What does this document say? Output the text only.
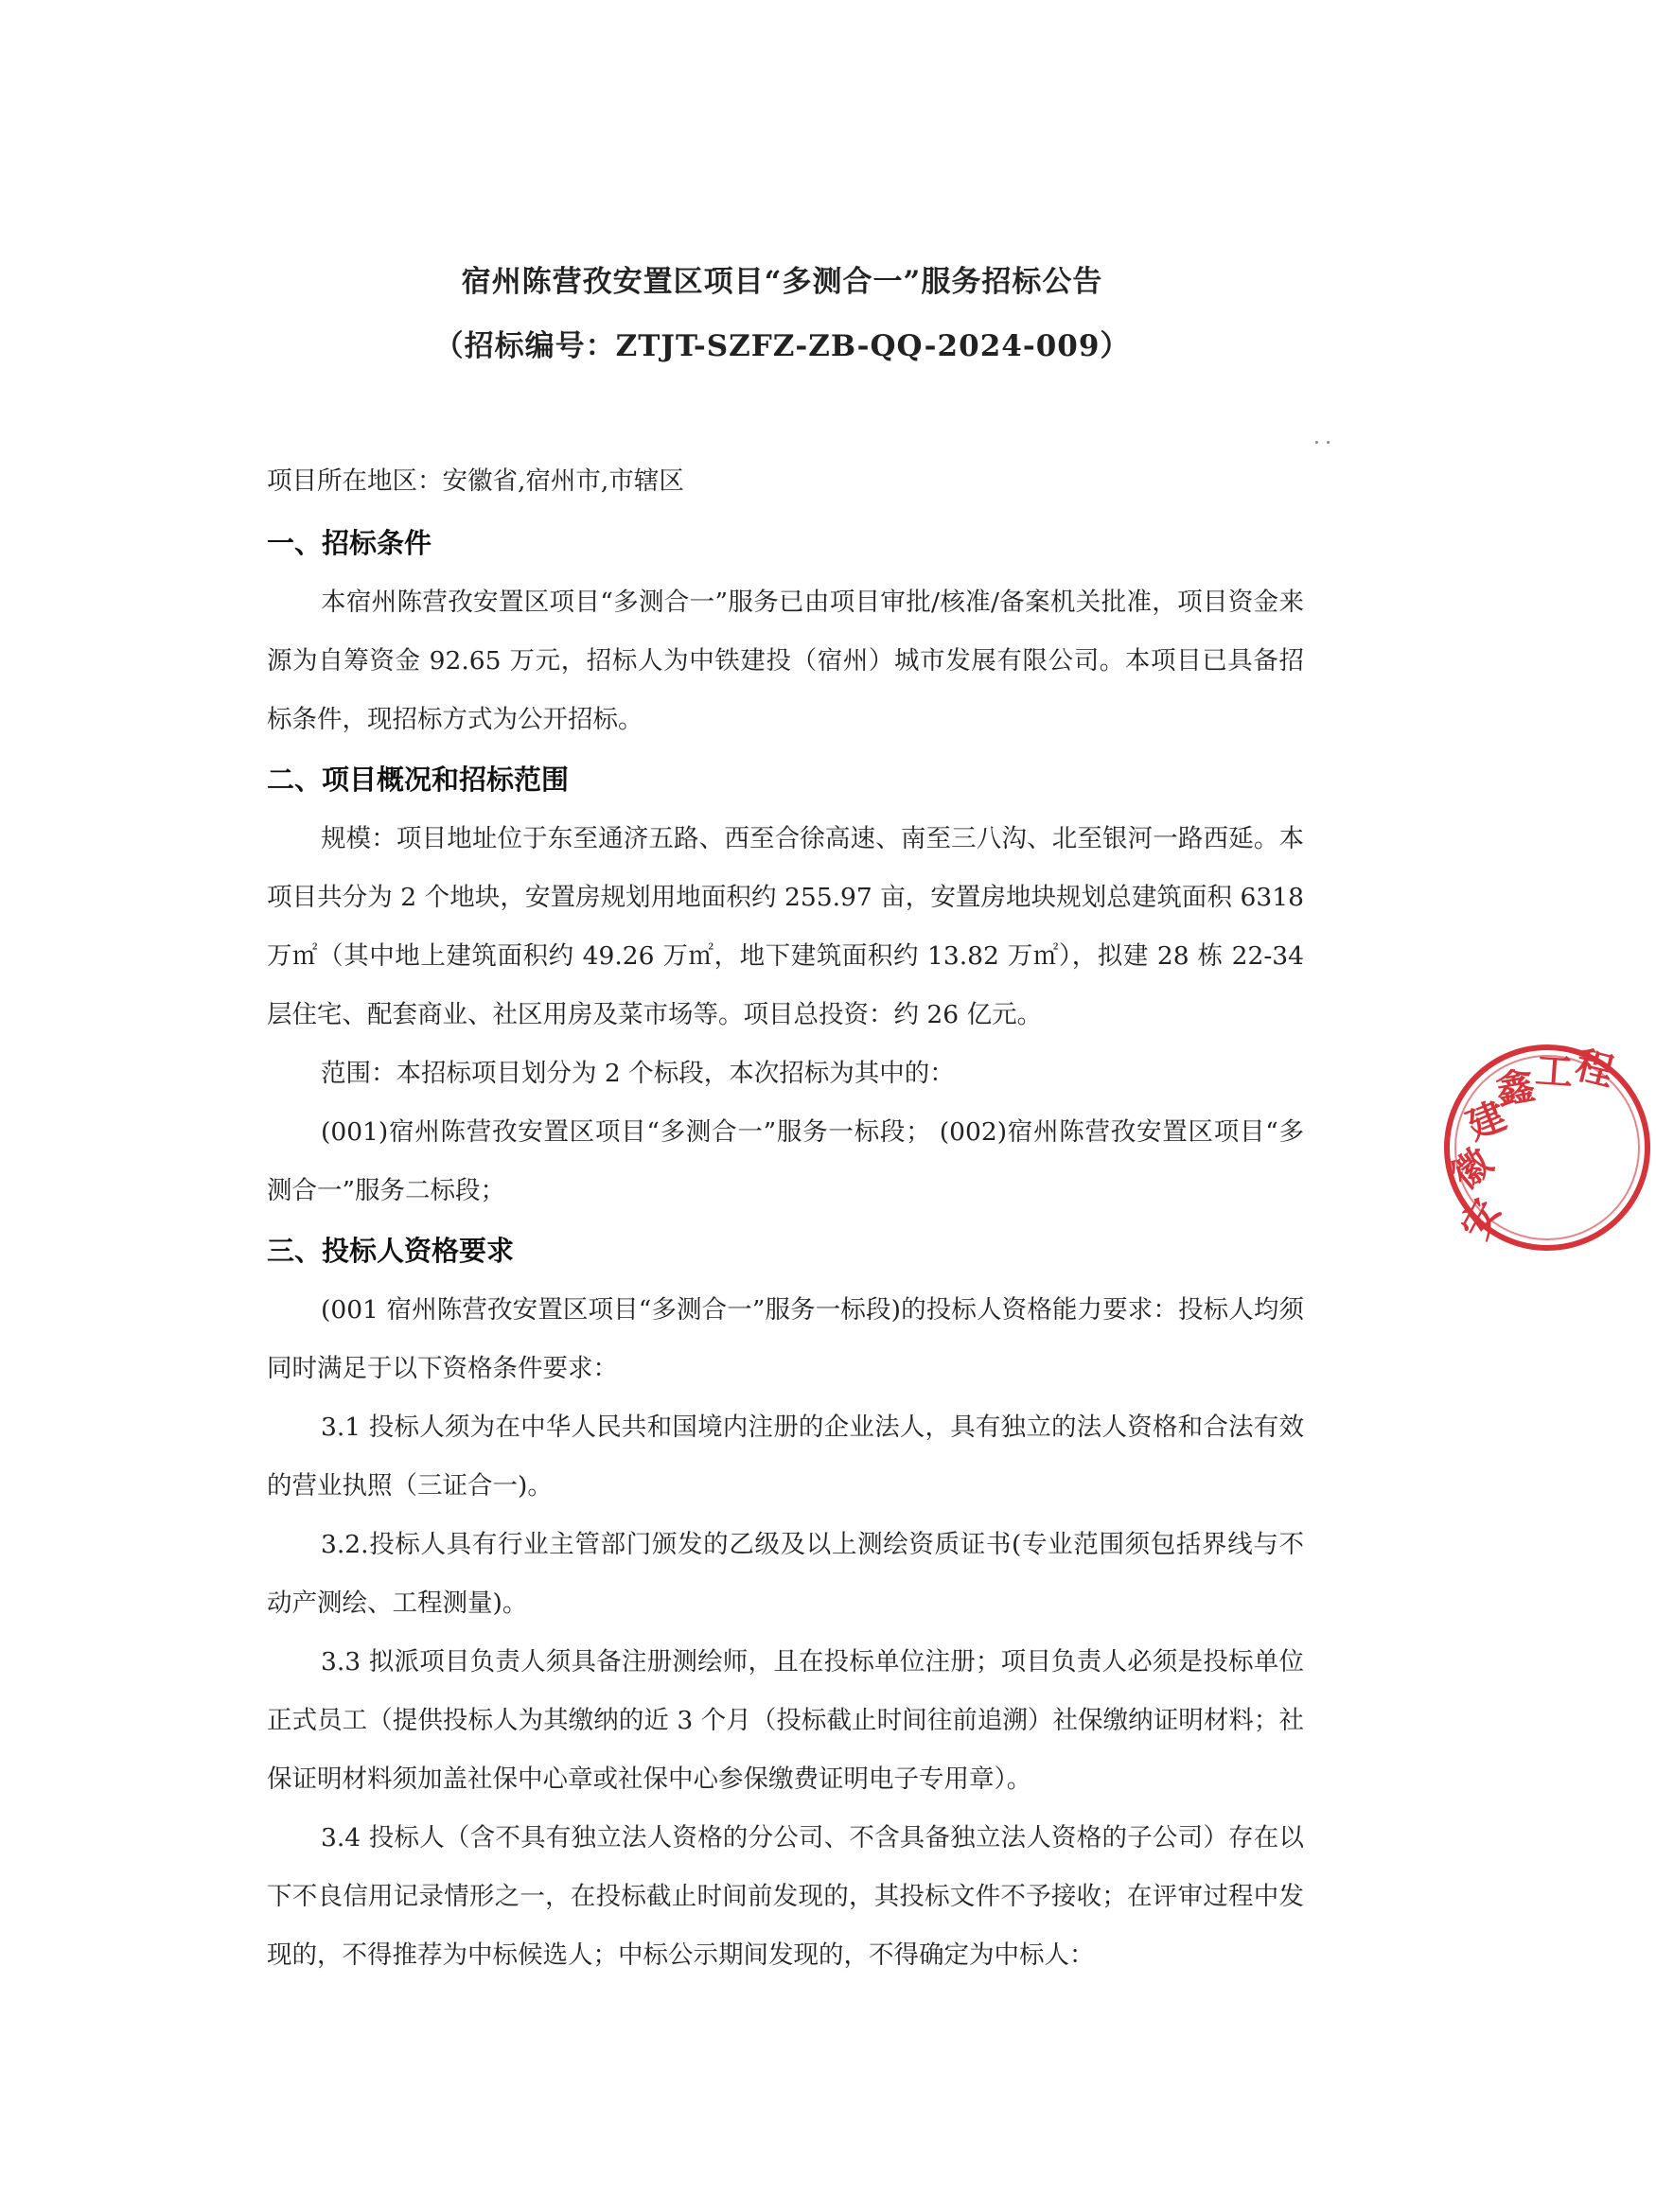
宿州陈营孜安置区项目“多测合一”服务招标公告
（招标编号：ZTJT-SZFZ-ZB-QQ-2024-009）

项目所在地区：安徽省,宿州市,市辖区

一、招标条件

本宿州陈营孜安置区项目“多测合一”服务已由项目审批/核准/备案机关批准，项目资金来源为自筹资金 92.65 万元，招标人为中铁建投（宿州）城市发展有限公司。本项目已具备招标条件，现招标方式为公开招标。

二、项目概况和招标范围

规模：项目地址位于东至通济五路、西至合徐高速、南至三八沟、北至银河一路西延。本项目共分为 2 个地块，安置房规划用地面积约 255.97 亩，安置房地块规划总建筑面积 6318 万㎡（其中地上建筑面积约 49.26 万㎡，地下建筑面积约 13.82 万㎡），拟建 28 栋 22-34 层住宅、配套商业、社区用房及菜市场等。项目总投资：约 26 亿元。

范围：本招标项目划分为 2 个标段，本次招标为其中的：

(001)宿州陈营孜安置区项目“多测合一”服务一标段； (002)宿州陈营孜安置区项目“多测合一”服务二标段；

三、投标人资格要求

(001 宿州陈营孜安置区项目“多测合一”服务一标段)的投标人资格能力要求：投标人均须同时满足于以下资格条件要求：

3.1 投标人须为在中华人民共和国境内注册的企业法人，具有独立的法人资格和合法有效的营业执照（三证合一)。

3.2.投标人具有行业主管部门颁发的乙级及以上测绘资质证书(专业范围须包括界线与不动产测绘、工程测量)。

3.3 拟派项目负责人须具备注册测绘师，且在投标单位注册；项目负责人必须是投标单位正式员工（提供投标人为其缴纳的近 3 个月（投标截止时间往前追溯）社保缴纳证明材料；社保证明材料须加盖社保中心章或社保中心参保缴费证明电子专用章）。

3.4 投标人（含不具有独立法人资格的分公司、不含具备独立法人资格的子公司）存在以下不良信用记录情形之一，在投标截止时间前发现的，其投标文件不予接收；在评审过程中发现的，不得推荐为中标候选人；中标公示期间发现的，不得确定为中标人：

安
徽
建
鑫
工
程
